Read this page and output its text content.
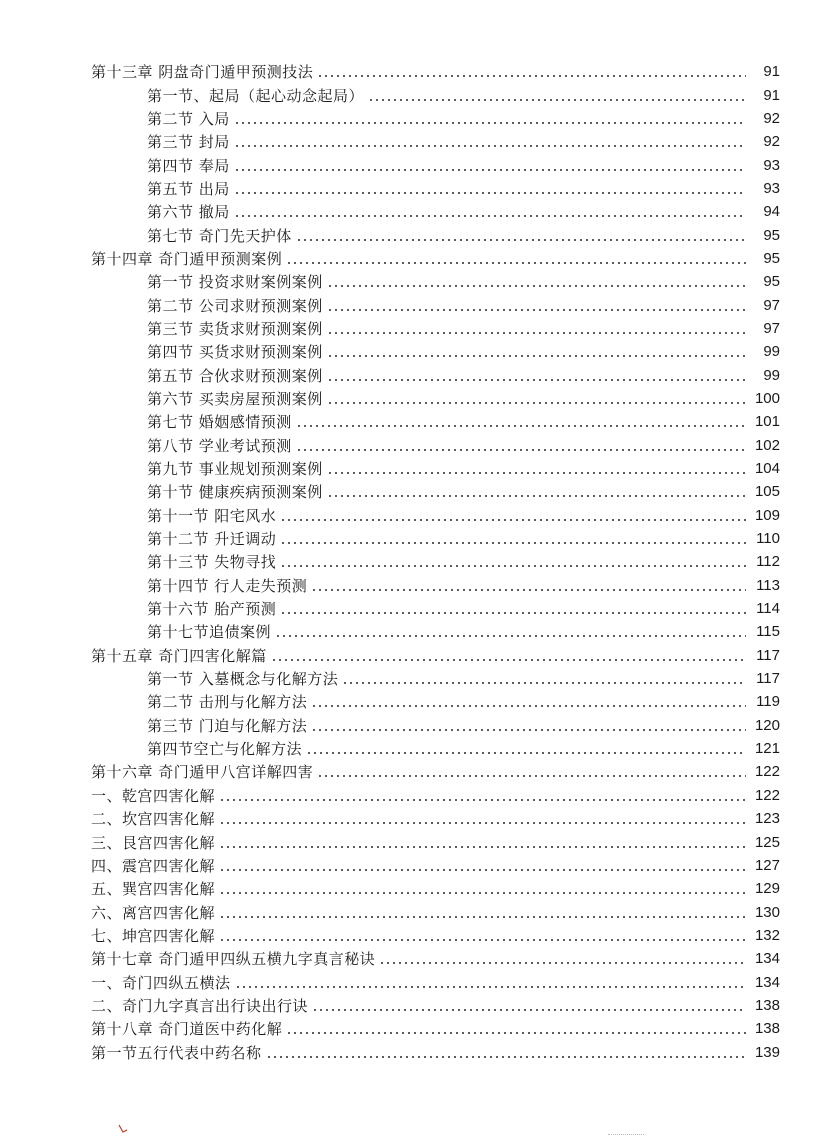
第十三章 阴盘奇门遁甲预测技法	91
第一节、起局（起心动念起局）	91
第二节 入局	92
第三节 封局	92
第四节 奉局	93
第五节 出局	93
第六节 撤局	94
第七节 奇门先天护体	95
第十四章 奇门遁甲预测案例	95
第一节 投资求财案例案例	95
第二节 公司求财预测案例	97
第三节 卖货求财预测案例	97
第四节 买货求财预测案例	99
第五节 合伙求财预测案例	99
第六节 买卖房屋预测案例	100
第七节 婚姻感情预测	101
第八节 学业考试预测	102
第九节 事业规划预测案例	104
第十节 健康疾病预测案例	105
第十一节 阳宅风水	109
第十二节 升迁调动	110
第十三节 失物寻找	112
第十四节 行人走失预测	113
第十六节 胎产预测	114
第十七节追债案例	115
第十五章 奇门四害化解篇	117
第一节 入墓概念与化解方法	117
第二节 击刑与化解方法	119
第三节 门迫与化解方法	120
第四节空亡与化解方法	121
第十六章 奇门遁甲八宫详解四害	122
一、乾宫四害化解	122
二、坎宫四害化解	123
三、艮宫四害化解	125
四、震宫四害化解	127
五、巽宫四害化解	129
六、离宫四害化解	130
七、坤宫四害化解	132
第十七章 奇门遁甲四纵五横九字真言秘诀	134
一、奇门四纵五横法	134
二、奇门九字真言出行诀出行诀	138
第十八章 奇门道医中药化解	138
第一节五行代表中药名称	139
